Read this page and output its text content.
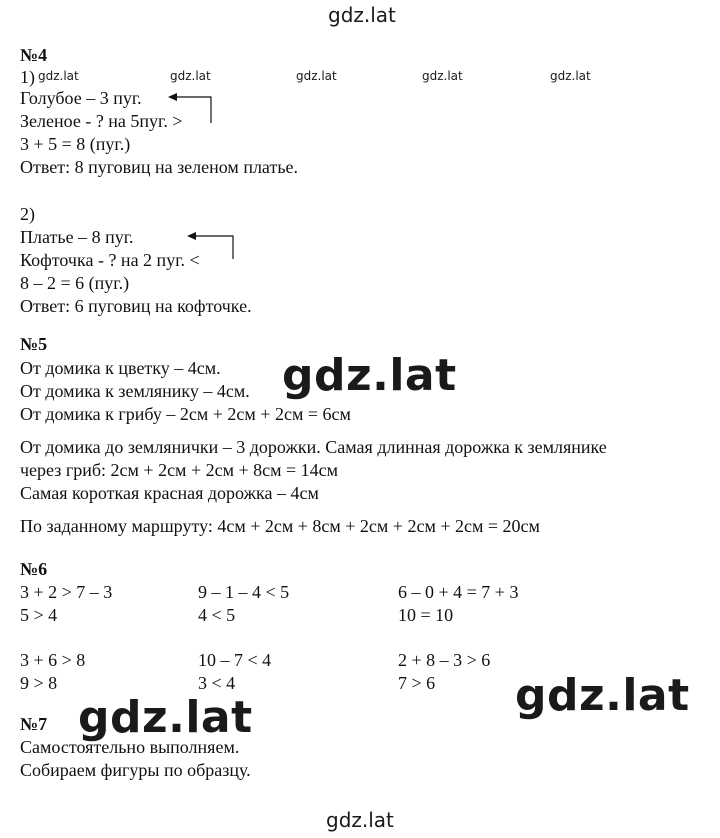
gdz.lat
№4
1) gdz.lat	gdz.lat	gdz.lat	gdz.lat	gdz.lat
Голубое – 3 пуг.
Зеленое - ? на 5пуг. >
3 + 5 = 8 (пуг.)
Ответ: 8 пуговиц на зеленом платье.
2)
Платье – 8 пуг.
Кофточка - ? на 2 пуг. <
8 – 2 = 6 (пуг.)
Ответ: 6 пуговиц на кофточке.
№5
От домика к цветку – 4см.
От домика к землянику – 4см.
От домика к грибу – 2см + 2см + 2см = 6см
gdz.lat
От домика до землянички – 3 дорожки. Самая длинная дорожка к землянике
через гриб: 2см + 2см + 2см + 8см = 14см
Самая короткая красная дорожка – 4см
По заданному маршруту: 4см + 2см + 8см + 2см + 2см + 2см = 20см
№6
3 + 2 > 7 – 3	9 – 1 – 4 < 5	6 – 0 + 4 = 7 + 3
5 > 4	4 < 5	10 = 10
3 + 6 > 8	10 – 7 < 4	2 + 8 – 3 > 6
9 > 8	3 < 4	7 > 6 gdz.lat
№7
Самостоятельно выполняем.
Собираем фигуры по образцу.
gdz.lat
gdz.lat
